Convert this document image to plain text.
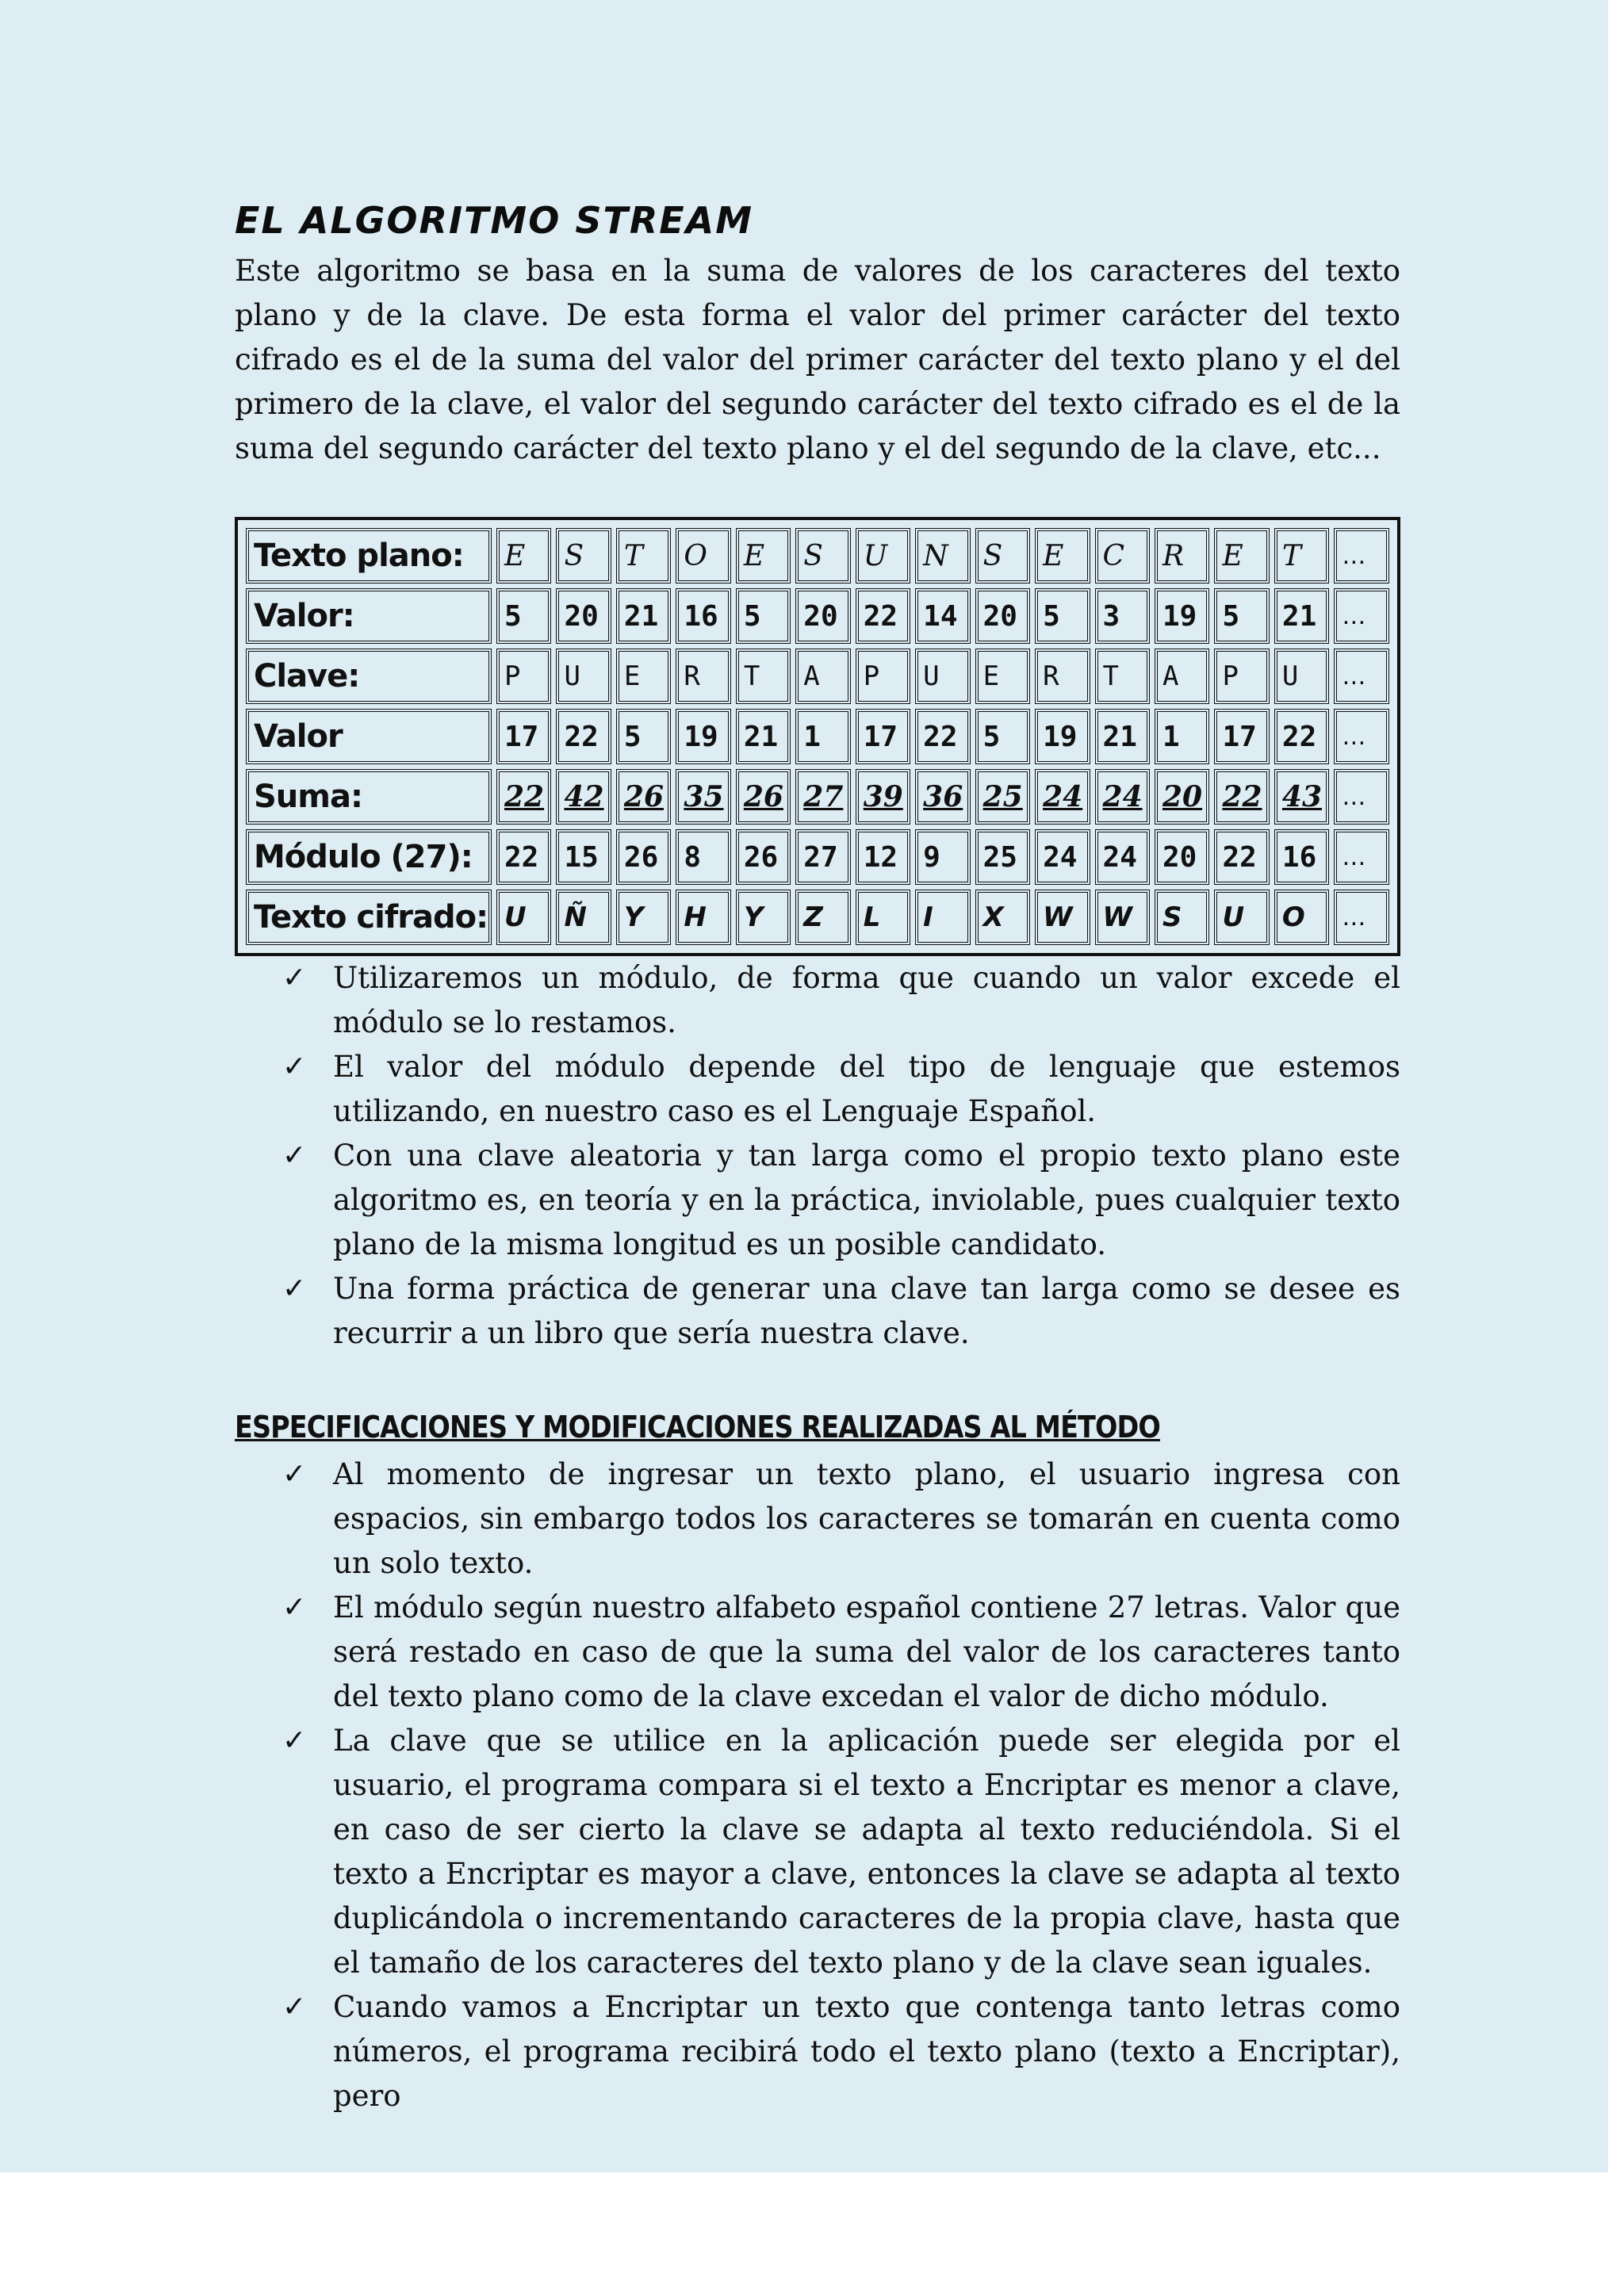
EL ALGORITMO STREAM

Este algoritmo se basa en la suma de valores de los caracteres del texto plano y de la clave. De esta forma el valor del primer carácter del texto cifrado es el de la suma del valor del primer carácter del texto plano y el del primero de la clave, el valor del segundo carácter del texto cifrado es el de la suma del segundo carácter del texto plano y el del segundo de la clave, etc...

Texto plano:	E	S	T	O	E	S	U	N	S	E	C	R	E	T	…
Valor:	5	20	21	16	5	20	22	14	20	5	3	19	5	21	…
Clave:	P	U	E	R	T	A	P	U	E	R	T	A	P	U	…
Valor	17	22	5	19	21	1	17	22	5	19	21	1	17	22	…
Suma:	22	42	26	35	26	27	39	36	25	24	24	20	22	43	…
Módulo (27):	22	15	26	8	26	27	12	9	25	24	24	20	22	16	…
Texto cifrado:	U	Ñ	Y	H	Y	Z	L	I	X	W	W	S	U	O	…
✓ Utilizaremos un módulo, de forma que cuando un valor excede el módulo se lo restamos.
✓ El valor del módulo depende del tipo de lenguaje que estemos utilizando, en nuestro caso es el Lenguaje Español.
✓ Con una clave aleatoria y tan larga como el propio texto plano este algoritmo es, en teoría y en la práctica, inviolable, pues cualquier texto plano de la misma longitud es un posible candidato.
✓ Una forma práctica de generar una clave tan larga como se desee es recurrir a un libro que sería nuestra clave.
ESPECIFICACIONES Y MODIFICACIONES REALIZADAS AL MÉTODO
✓ Al momento de ingresar un texto plano, el usuario ingresa con espacios, sin embargo todos los caracteres se tomarán en cuenta como un solo texto.
✓ El módulo según nuestro alfabeto español contiene 27 letras. Valor que será restado en caso de que la suma del valor de los caracteres tanto del texto plano como de la clave excedan el valor de dicho módulo.
✓ La clave que se utilice en la aplicación puede ser elegida por el usuario, el programa compara si el texto a Encriptar es menor a clave, en caso de ser cierto la clave se adapta al texto reduciéndola. Si el texto a Encriptar es mayor a clave, entonces la clave se adapta al texto duplicándola o incrementando caracteres de la propia clave, hasta que el tamaño de los caracteres del texto plano y de la clave sean iguales.
✓ Cuando vamos a Encriptar un texto que contenga tanto letras como números, el programa recibirá todo el texto plano (texto a Encriptar), pero
